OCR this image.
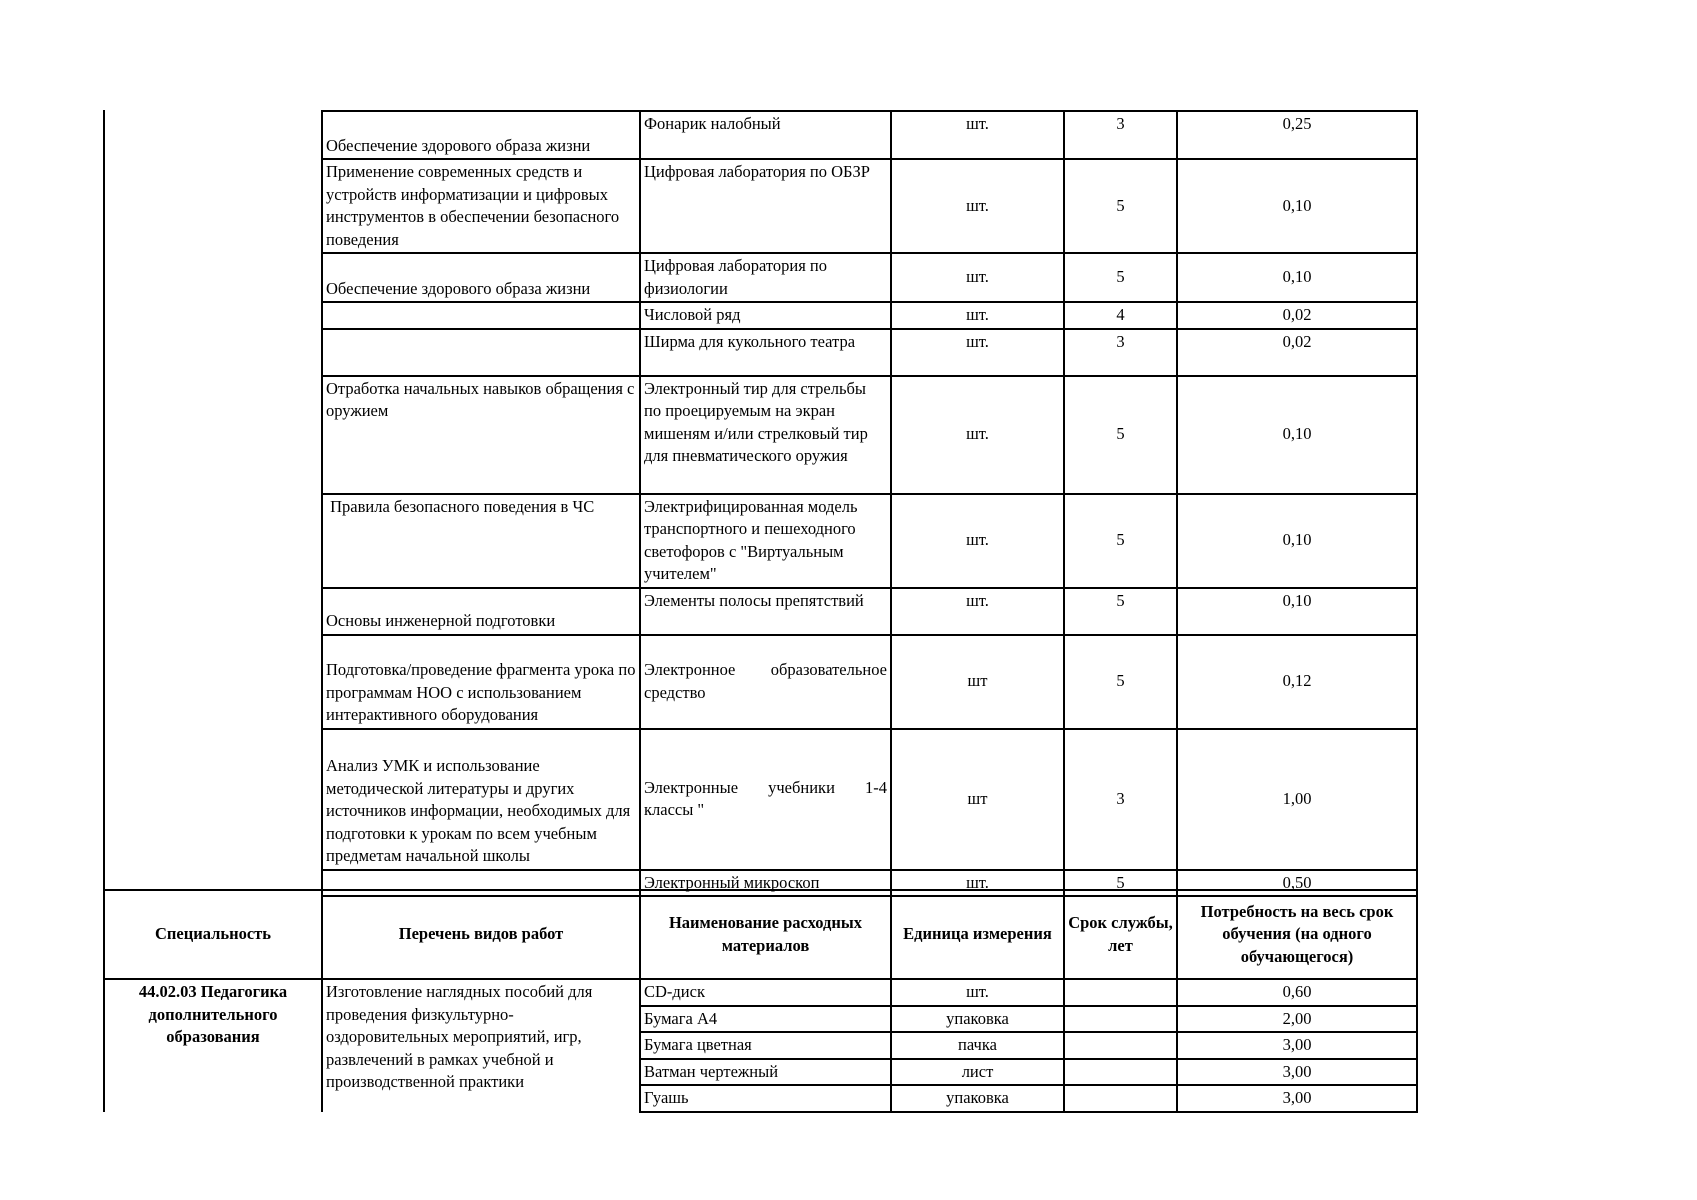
Обеспечение здорового образа жизни	Фонарик налобный	шт.	3	0,25
Применение современных средств и устройств информатизации и цифровых инструментов в обеспечении безопасного поведения	Цифровая лаборатория по ОБЗР	шт.	5	0,10
Обеспечение здорового образа жизни	Цифровая лаборатория по физиологии	шт.	5	0,10
	Числовой ряд	шт.	4	0,02
	Ширма для кукольного театра	шт.	3	0,02
Отработка начальных навыков обращения с оружием	Электронный тир для стрельбы по проецируемым на экран мишеням и/или стрелковый тир для пневматического оружия	шт.	5	0,10
Правила безопасного поведения в ЧС	Электрифицированная модель транспортного и пешеходного светофоров с "Виртуальным учителем"	шт.	5	0,10
Основы инженерной подготовки	Элементы полосы препятствий	шт.	5	0,10
Подготовка/проведение фрагмента урока по программам НОО с использованием интерактивного оборудования	Электронное образовательное средство	шт	5	0,12
Анализ УМК и использование методической литературы и других источников информации, необходимых для подготовки к урокам по всем учебным предметам начальной школы	Электронные учебники 1-4 классы "	шт	3	1,00
	Электронный микроскоп	шт.	5	0,50
Специальность	Перечень видов работ	Наименование расходных материалов	Единица измерения	Срок службы, лет	Потребность на весь срок обучения (на одного обучающегося)
44.02.03 Педагогика дополнительного образования	Изготовление наглядных пособий для проведения физкультурно-оздоровительных мероприятий, игр, развлечений в рамках учебной и производственной практики	CD-диск	шт.		0,60
		Бумага А4	упаковка		2,00
		Бумага цветная	пачка		3,00
		Ватман чертежный	лист		3,00
		Гуашь	упаковка		3,00
